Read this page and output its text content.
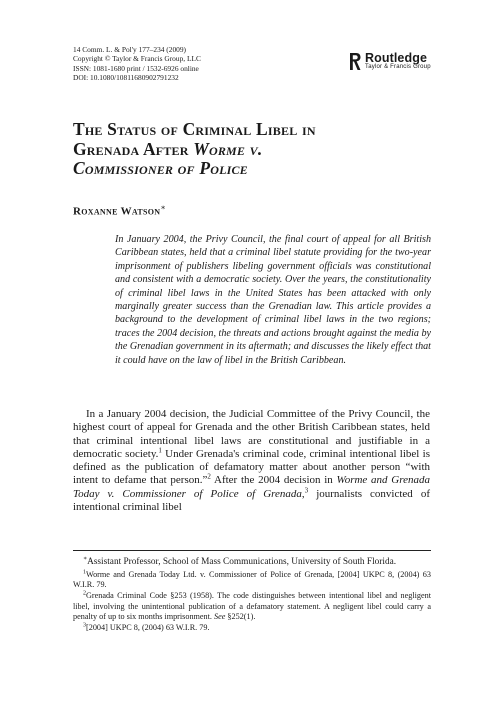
14 Comm. L. & Pol'y 177–234 (2009)
Copyright © Taylor & Francis Group, LLC
ISSN: 1081-1680 print / 1532-6926 online
DOI: 10.1080/10811680902791232
Routledge
Taylor & Francis Group
The Status of Criminal Libel in
Grenada After Worme v.
Commissioner of Police
Roxanne Watson∗

In January 2004, the Privy Council, the final court of appeal for all British Caribbean states, held that a criminal libel statute providing for the two-year imprisonment of publishers libeling government officials was constitutional and consistent with a democratic society. Over the years, the constitutionality of criminal libel laws in the United States has been attacked with only marginally greater success than the Grenadian law. This article provides a background to the development of criminal libel laws in the two regions; traces the 2004 decision, the threats and actions brought against the media by the Grenadian government in its aftermath; and discusses the likely effect that it could have on the law of libel in the British Caribbean.

In a January 2004 decision, the Judicial Committee of the Privy Council, the highest court of appeal for Grenada and the other British Caribbean states, held that criminal intentional libel laws are constitutional and justifiable in a democratic society.$^1$ Under Grenada's criminal code, criminal intentional libel is defined as the publication of defamatory matter about another person “with intent to defame that person.”$^2$ After the 2004 decision in Worme and Grenada Today v. Commissioner of Police of Grenada,$^3$ journalists convicted of intentional criminal libel

∗Assistant Professor, School of Mass Communications, University of South Florida.

$^1$Worme and Grenada Today Ltd. v. Commissioner of Police of Grenada, [2004] UKPC 8, (2004) 63 W.I.R. 79.

$^2$Grenada Criminal Code §253 (1958). The code distinguishes between intentional libel and negligent libel, involving the unintentional publication of a defamatory statement. A negligent libel could carry a penalty of up to six months imprisonment. See §252(1).

$^3$[2004] UKPC 8, (2004) 63 W.I.R. 79.
